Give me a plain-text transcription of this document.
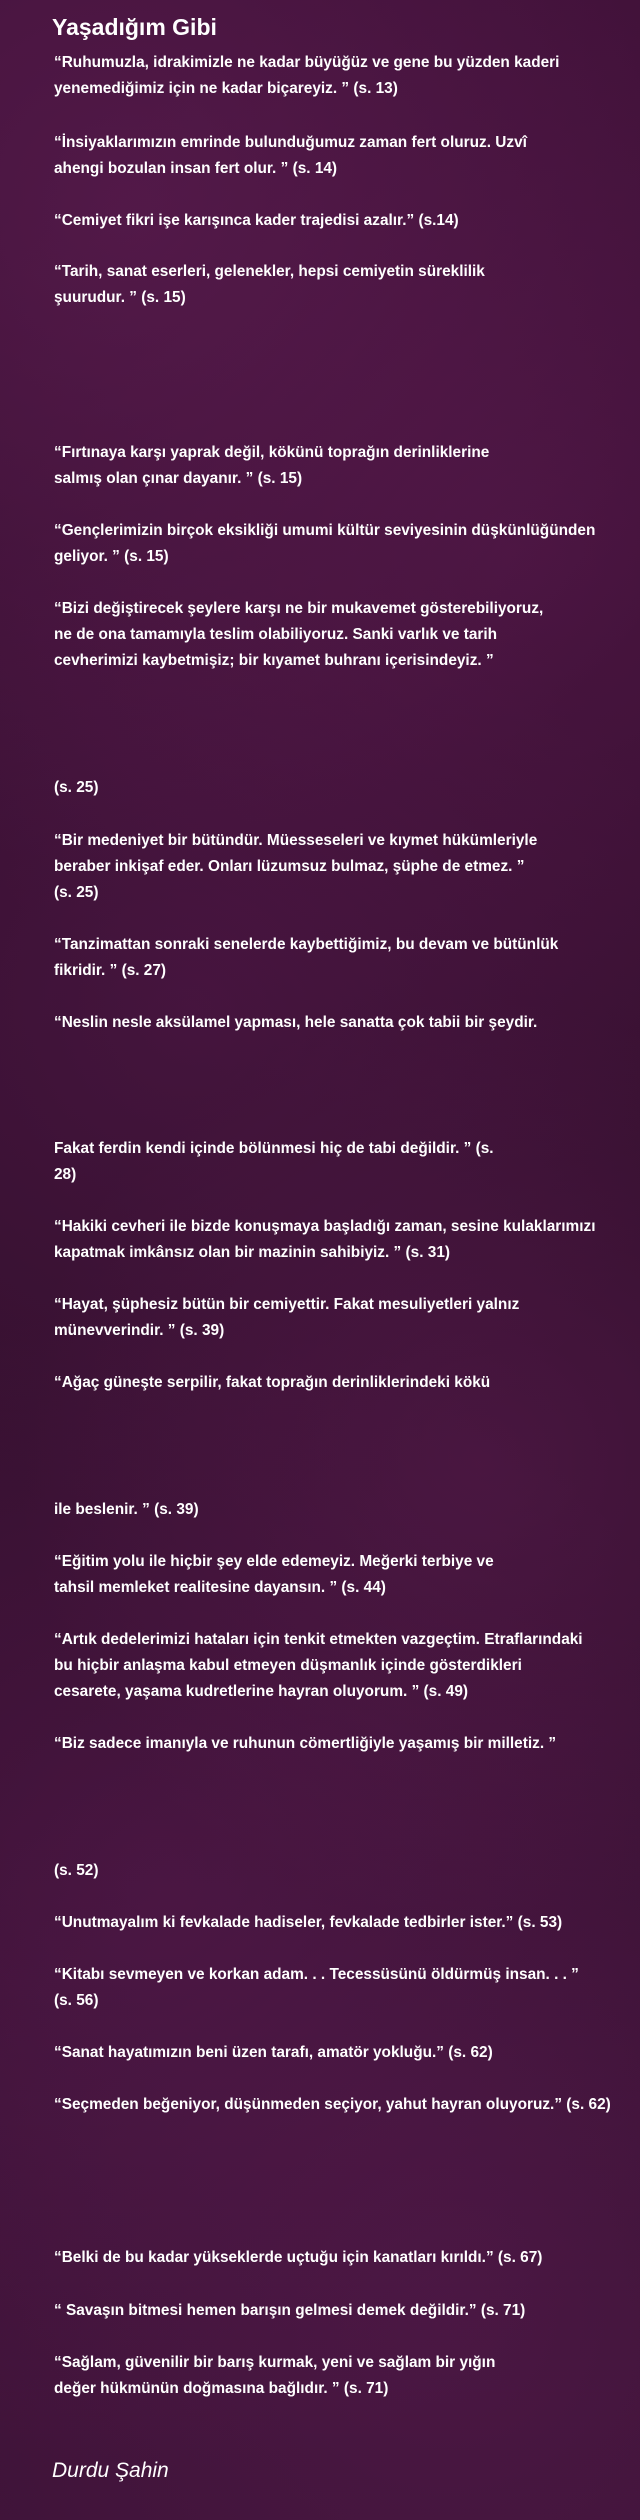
Yaşadığım Gibi
“Ruhumuzla, idrakimizle ne kadar büyüğüz ve gene bu yüzden kaderi
yenemediğimiz için ne kadar biçareyiz. ” (s. 13)
“İnsiyaklarımızın emrinde bulunduğumuz zaman fert oluruz. Uzvî
ahengi bozulan insan fert olur. ” (s. 14)
“Cemiyet fikri işe karışınca kader trajedisi azalır.” (s.14)
“Tarih, sanat eserleri, gelenekler, hepsi cemiyetin süreklilik
şuurudur. ” (s. 15)
“Fırtınaya karşı yaprak değil, kökünü toprağın derinliklerine
salmış olan çınar dayanır. ” (s. 15)
“Gençlerimizin birçok eksikliği umumi kültür seviyesinin düşkünlüğünden
geliyor. ” (s. 15)
“Bizi değiştirecek şeylere karşı ne bir mukavemet gösterebiliyoruz,
ne de ona tamamıyla teslim olabiliyoruz. Sanki varlık ve tarih
cevherimizi kaybetmişiz; bir kıyamet buhranı içerisindeyiz. ”
(s. 25)
“Bir medeniyet bir bütündür. Müesseseleri ve kıymet hükümleriyle
beraber inkişaf eder. Onları lüzumsuz bulmaz, şüphe de etmez. ”
(s. 25)
“Tanzimattan sonraki senelerde kaybettiğimiz, bu devam ve bütünlük
fikridir. ” (s. 27)
“Neslin nesle aksülamel yapması, hele sanatta çok tabii bir şeydir.
Fakat ferdin kendi içinde bölünmesi hiç de tabi değildir. ” (s.
28)
“Hakiki cevheri ile bizde konuşmaya başladığı zaman, sesine kulaklarımızı
kapatmak imkânsız olan bir mazinin sahibiyiz. ” (s. 31)
“Hayat, şüphesiz bütün bir cemiyettir. Fakat mesuliyetleri yalnız
münevverindir. ” (s. 39)
“Ağaç güneşte serpilir, fakat toprağın derinliklerindeki kökü
ile beslenir. ” (s. 39)
“Eğitim yolu ile hiçbir şey elde edemeyiz. Meğerki terbiye ve
tahsil memleket realitesine dayansın. ” (s. 44)
“Artık dedelerimizi hataları için tenkit etmekten vazgeçtim. Etraflarındaki
bu hiçbir anlaşma kabul etmeyen düşmanlık içinde gösterdikleri
cesarete, yaşama kudretlerine hayran oluyorum. ” (s. 49)
“Biz sadece imanıyla ve ruhunun cömertliğiyle yaşamış bir milletiz. ”
(s. 52)
“Unutmayalım ki fevkalade hadiseler, fevkalade tedbirler ister.” (s. 53)
“Kitabı sevmeyen ve korkan adam. . . Tecessüsünü öldürmüş insan. . . ”
(s. 56)
“Sanat hayatımızın beni üzen tarafı, amatör yokluğu.” (s. 62)
“Seçmeden beğeniyor, düşünmeden seçiyor, yahut hayran oluyoruz.” (s. 62)
“Belki de bu kadar yükseklerde uçtuğu için kanatları kırıldı.” (s. 67)
“ Savaşın bitmesi hemen barışın gelmesi demek değildir.” (s. 71)
“Sağlam, güvenilir bir barış kurmak, yeni ve sağlam bir yığın
değer hükmünün doğmasına bağlıdır. ” (s. 71)
Durdu Şahin
